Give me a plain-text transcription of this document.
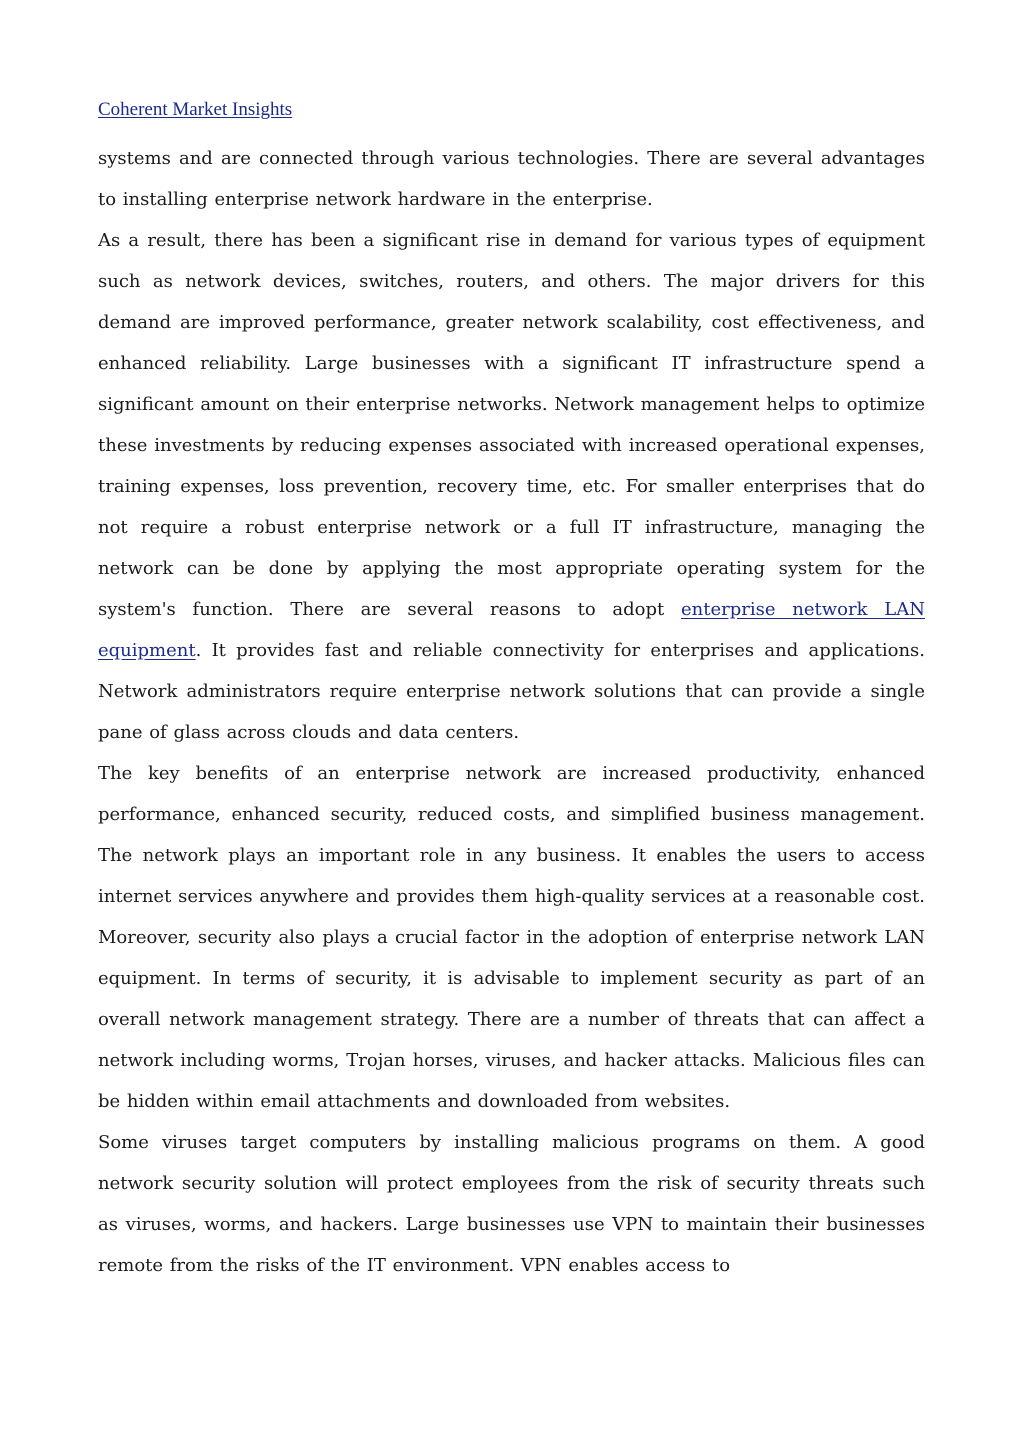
Coherent Market Insights

systems and are connected through various technologies. There are several advantages to installing enterprise network hardware in the enterprise.

As a result, there has been a significant rise in demand for various types of equipment such as network devices, switches, routers, and others. The major drivers for this demand are improved performance, greater network scalability, cost effectiveness, and enhanced reliability. Large businesses with a significant IT infrastructure spend a significant amount on their enterprise networks. Network management helps to optimize these investments by reducing expenses associated with increased operational expenses, training expenses, loss prevention, recovery time, etc. For smaller enterprises that do not require a robust enterprise network or a full IT infrastructure, managing the network can be done by applying the most appropriate operating system for the system's function. There are several reasons to adopt enterprise network LAN equipment. It provides fast and reliable connectivity for enterprises and applications. Network administrators require enterprise network solutions that can provide a single pane of glass across clouds and data centers.

The key benefits of an enterprise network are increased productivity, enhanced performance, enhanced security, reduced costs, and simplified business management. The network plays an important role in any business. It enables the users to access internet services anywhere and provides them high-quality services at a reasonable cost. Moreover, security also plays a crucial factor in the adoption of enterprise network LAN equipment. In terms of security, it is advisable to implement security as part of an overall network management strategy. There are a number of threats that can affect a network including worms, Trojan horses, viruses, and hacker attacks. Malicious files can be hidden within email attachments and downloaded from websites.

Some viruses target computers by installing malicious programs on them. A good network security solution will protect employees from the risk of security threats such as viruses, worms, and hackers. Large businesses use VPN to maintain their businesses remote from the risks of the IT environment. VPN enables access to
